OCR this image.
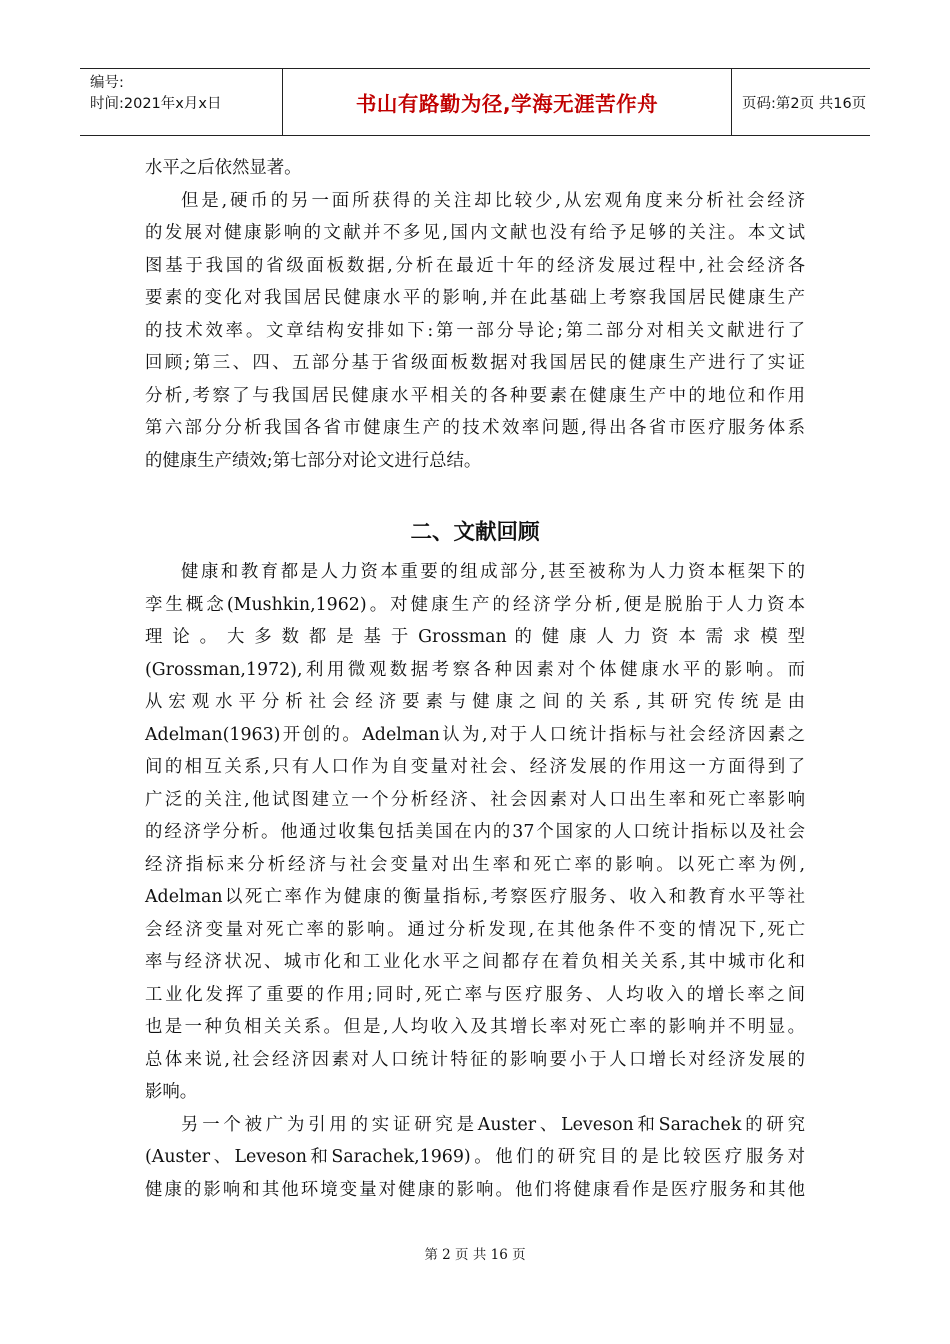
编号:
时间:2021年x月x日	书山有路勤为径,学海无涯苦作舟	页码:第2页 共16页
水平之后依然显著。
但是,硬币的另一面所获得的关注却比较少,从宏观角度来分析社会经济
的发展对健康影响的文献并不多见,国内文献也没有给予足够的关注。本文试
图基于我国的省级面板数据,分析在最近十年的经济发展过程中,社会经济各
要素的变化对我国居民健康水平的影响,并在此基础上考察我国居民健康生产
的技术效率。文章结构安排如下:第一部分导论;第二部分对相关文献进行了
回顾;第三、四、五部分基于省级面板数据对我国居民的健康生产进行了实证
分析,考察了与我国居民健康水平相关的各种要素在健康生产中的地位和作用
第六部分分析我国各省市健康生产的技术效率问题,得出各省市医疗服务体系
的健康生产绩效;第七部分对论文进行总结。
二、文献回顾
健康和教育都是人力资本重要的组成部分,甚至被称为人力资本框架下的
孪生概念(Mushkin,1962)。对健康生产的经济学分析,便是脱胎于人力资本
理 论 。 大 多 数 都 是 基 于 Grossman 的 健 康 人 力 资 本 需 求 模 型
(Grossman,1972),利用微观数据考察各种因素对个体健康水平的影响。而
从宏观水平分析社会经济要素与健康之间的关系,其研究传统是由
Adelman(1963)开创的。Adelman认为,对于人口统计指标与社会经济因素之
间的相互关系,只有人口作为自变量对社会、经济发展的作用这一方面得到了
广泛的关注,他试图建立一个分析经济、社会因素对人口出生率和死亡率影响
的经济学分析。他通过收集包括美国在内的37个国家的人口统计指标以及社会
经济指标来分析经济与社会变量对出生率和死亡率的影响。以死亡率为例,
Adelman以死亡率作为健康的衡量指标,考察医疗服务、收入和教育水平等社
会经济变量对死亡率的影响。通过分析发现,在其他条件不变的情况下,死亡
率与经济状况、城市化和工业化水平之间都存在着负相关关系,其中城市化和
工业化发挥了重要的作用;同时,死亡率与医疗服务、人均收入的增长率之间
也是一种负相关关系。但是,人均收入及其增长率对死亡率的影响并不明显。
总体来说,社会经济因素对人口统计特征的影响要小于人口增长对经济发展的
影响。
另一个被广为引用的实证研究是Auster、Leveson和Sarachek的研究
(Auster、Leveson和Sarachek,1969)。他们的研究目的是比较医疗服务对
健康的影响和其他环境变量对健康的影响。他们将健康看作是医疗服务和其他
第 2 页 共 16 页
